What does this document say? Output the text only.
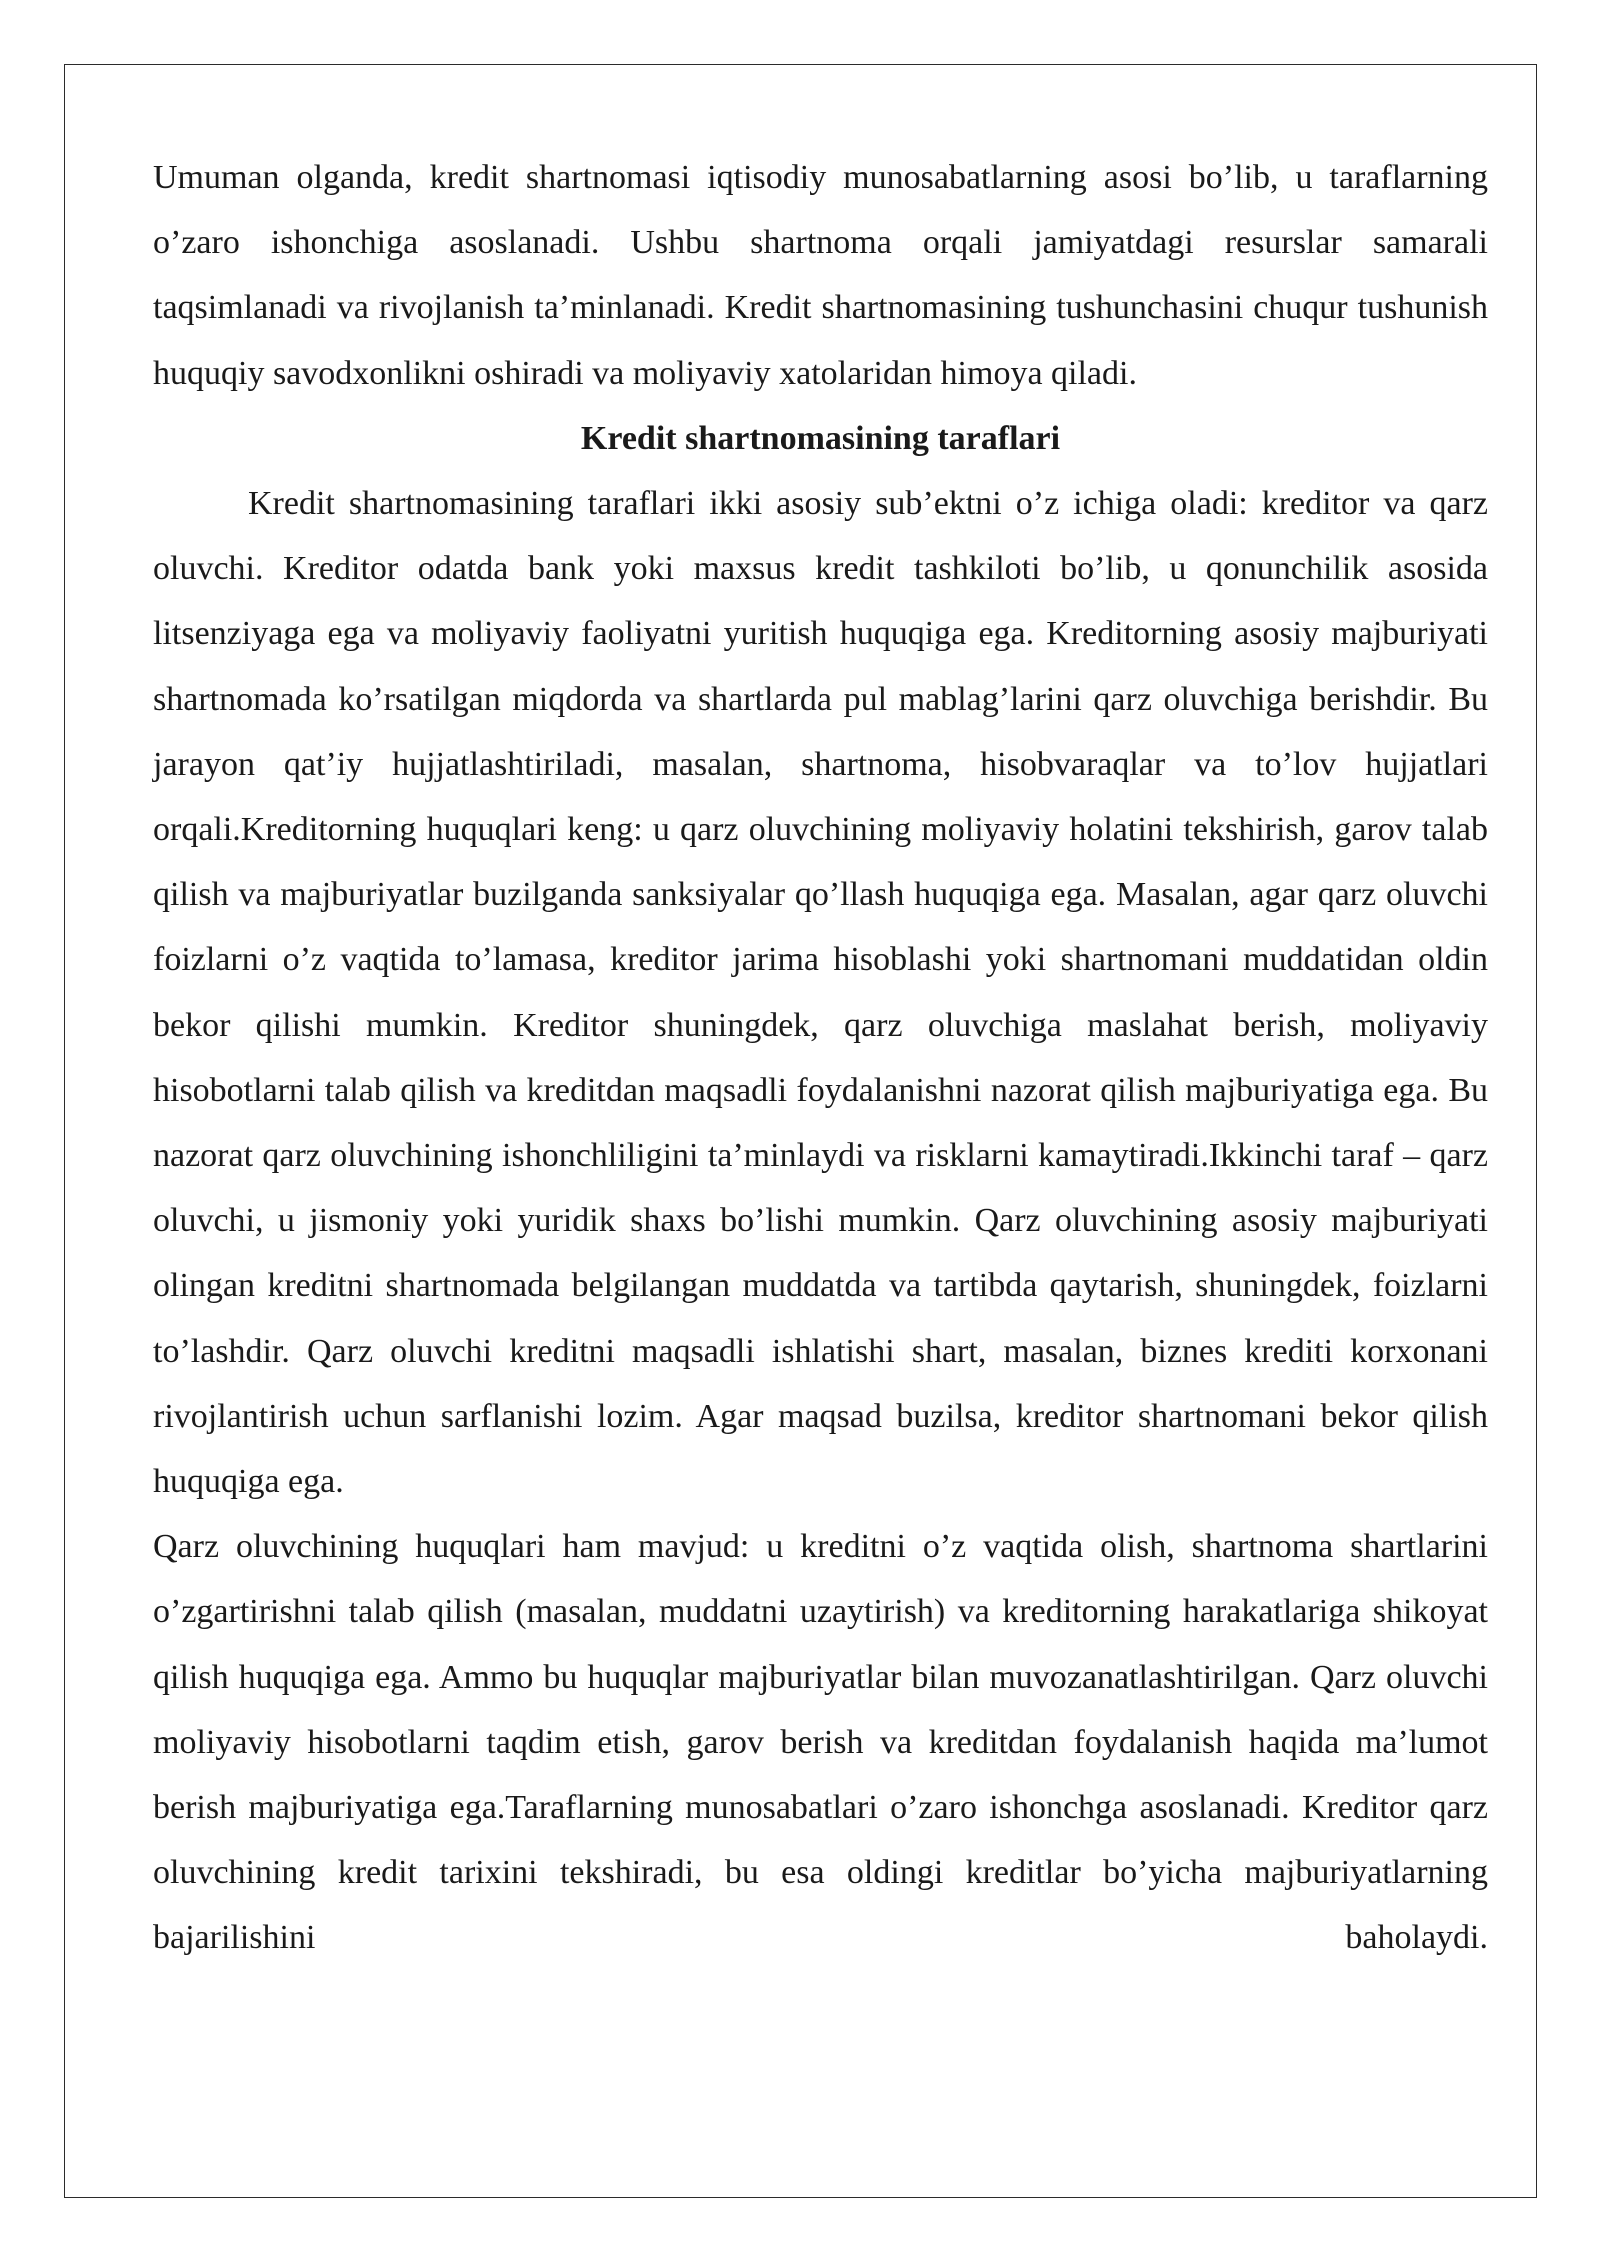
Umuman olganda, kredit shartnomasi iqtisodiy munosabatlarning asosi bo’lib, u taraflarning o’zaro ishonchiga asoslanadi. Ushbu shartnoma orqali jamiyatdagi resurslar samarali taqsimlanadi va rivojlanish ta’minlanadi. Kredit shartnomasining tushunchasini chuqur tushunish huquqiy savodxonlikni oshiradi va moliyaviy xatolaridan himoya qiladi.

Kredit shartnomasining taraflari

Kredit shartnomasining taraflari ikki asosiy sub’ektni o’z ichiga oladi: kreditor va qarz oluvchi. Kreditor odatda bank yoki maxsus kredit tashkiloti bo’lib, u qonunchilik asosida litsenziyaga ega va moliyaviy faoliyatni yuritish huquqiga ega. Kreditorning asosiy majburiyati shartnomada ko’rsatilgan miqdorda va shartlarda pul mablag’larini qarz oluvchiga berishdir. Bu jarayon qat’iy hujjatlashtiriladi, masalan, shartnoma, hisobvaraqlar va to’lov hujjatlari orqali.Kreditorning huquqlari keng: u qarz oluvchining moliyaviy holatini tekshirish, garov talab qilish va majburiyatlar buzilganda sanksiyalar qo’llash huquqiga ega. Masalan, agar qarz oluvchi foizlarni o’z vaqtida to’lamasa, kreditor jarima hisoblashi yoki shartnomani muddatidan oldin bekor qilishi mumkin. Kreditor shuningdek, qarz oluvchiga maslahat berish, moliyaviy hisobotlarni talab qilish va kreditdan maqsadli foydalanishni nazorat qilish majburiyatiga ega. Bu nazorat qarz oluvchining ishonchliligini ta’minlaydi va risklarni kamaytiradi.Ikkinchi taraf – qarz oluvchi, u jismoniy yoki yuridik shaxs bo’lishi mumkin. Qarz oluvchining asosiy majburiyati olingan kreditni shartnomada belgilangan muddatda va tartibda qaytarish, shuningdek, foizlarni to’lashdir. Qarz oluvchi kreditni maqsadli ishlatishi shart, masalan, biznes krediti korxonani rivojlantirish uchun sarflanishi lozim. Agar maqsad buzilsa, kreditor shartnomani bekor qilish huquqiga ega.

Qarz oluvchining huquqlari ham mavjud: u kreditni o’z vaqtida olish, shartnoma shartlarini o’zgartirishni talab qilish (masalan, muddatni uzaytirish) va kreditorning harakatlariga shikoyat qilish huquqiga ega. Ammo bu huquqlar majburiyatlar bilan muvozanatlashtirilgan. Qarz oluvchi moliyaviy hisobotlarni taqdim etish, garov berish va kreditdan foydalanish haqida ma’lumot berish majburiyatiga ega.Taraflarning munosabatlari o’zaro ishonchga asoslanadi. Kreditor qarz oluvchining kredit tarixini tekshiradi, bu esa oldingi kreditlar bo’yicha majburiyatlarning bajarilishini baholaydi.
